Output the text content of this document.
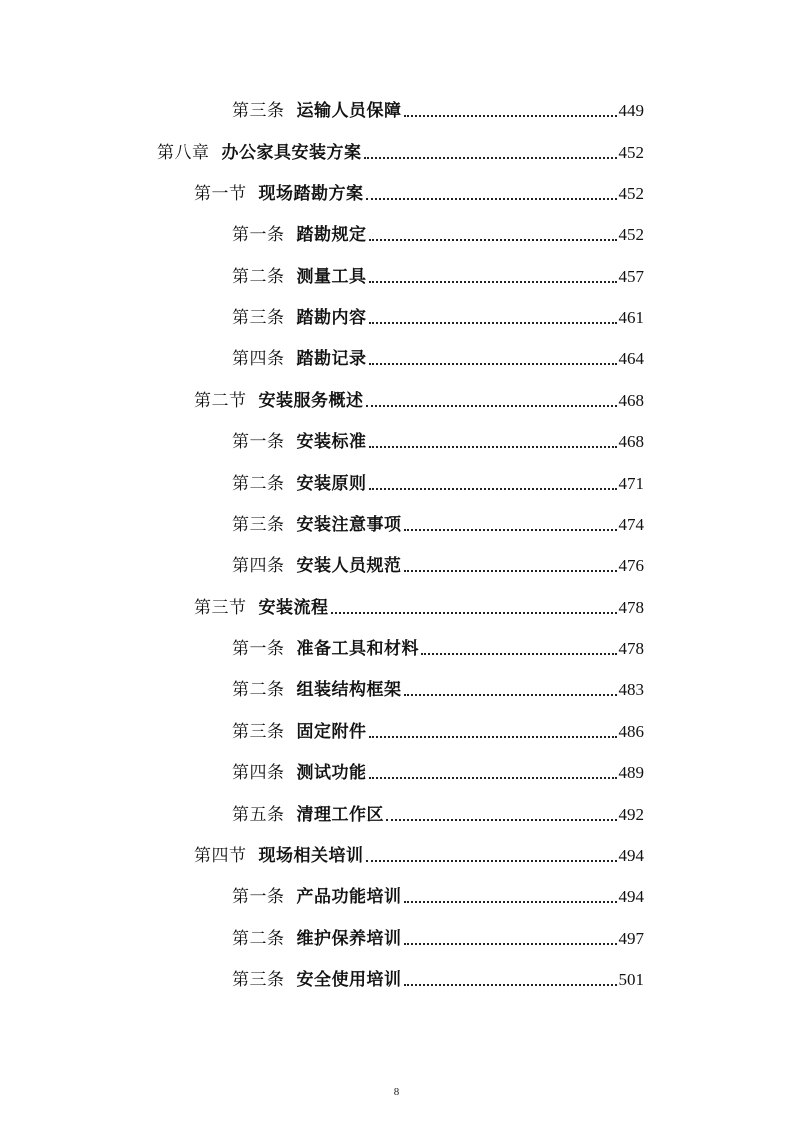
第三条 运输人员保障	449
第八章 办公家具安装方案	452
第一节 现场踏勘方案	452
第一条 踏勘规定	452
第二条 测量工具	457
第三条 踏勘内容	461
第四条 踏勘记录	464
第二节 安装服务概述	468
第一条 安装标准	468
第二条 安装原则	471
第三条 安装注意事项	474
第四条 安装人员规范	476
第三节 安装流程	478
第一条 准备工具和材料	478
第二条 组装结构框架	483
第三条 固定附件	486
第四条 测试功能	489
第五条 清理工作区	492
第四节 现场相关培训	494
第一条 产品功能培训	494
第二条 维护保养培训	497
第三条 安全使用培训	501
8
